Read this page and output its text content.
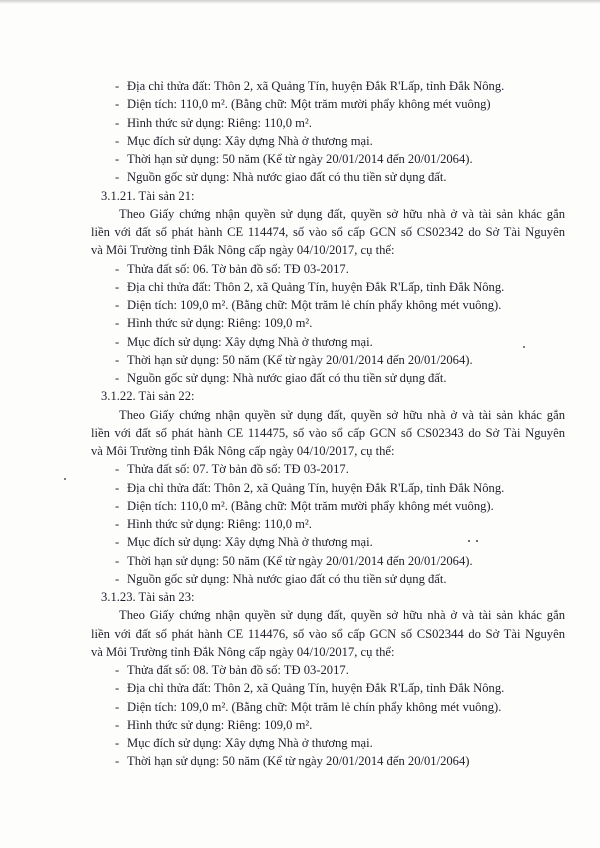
- Địa chỉ thửa đất: Thôn 2, xã Quảng Tín, huyện Đắk R'Lấp, tỉnh Đắk Nông.
- Diện tích: 110,0 m². (Bằng chữ: Một trăm mười phẩy không mét vuông)
- Hình thức sử dụng: Riêng: 110,0 m².
- Mục đích sử dụng: Xây dựng Nhà ở thương mại.
- Thời hạn sử dụng: 50 năm (Kể từ ngày 20/01/2014 đến 20/01/2064).
- Nguồn gốc sử dụng: Nhà nước giao đất có thu tiền sử dụng đất.
3.1.21. Tài sản 21:
Theo Giấy chứng nhận quyền sử dụng đất, quyền sở hữu nhà ở và tài sản khác gắn
liền với đất số phát hành CE 114474, số vào sổ cấp GCN số CS02342 do Sở Tài Nguyên
và Môi Trường tỉnh Đắk Nông cấp ngày 04/10/2017, cụ thể:
- Thửa đất số: 06. Tờ bản đồ số: TĐ 03-2017.
- Địa chỉ thửa đất: Thôn 2, xã Quảng Tín, huyện Đắk R'Lấp, tỉnh Đắk Nông.
- Diện tích: 109,0 m². (Bằng chữ: Một trăm lẻ chín phẩy không mét vuông).
- Hình thức sử dụng: Riêng: 109,0 m².
- Mục đích sử dụng: Xây dựng Nhà ở thương mại.
- Thời hạn sử dụng: 50 năm (Kể từ ngày 20/01/2014 đến 20/01/2064).
- Nguồn gốc sử dụng: Nhà nước giao đất có thu tiền sử dụng đất.
3.1.22. Tài sản 22:
Theo Giấy chứng nhận quyền sử dụng đất, quyền sở hữu nhà ở và tài sản khác gắn
liền với đất số phát hành CE 114475, số vào sổ cấp GCN số CS02343 do Sở Tài Nguyên
và Môi Trường tỉnh Đắk Nông cấp ngày 04/10/2017, cụ thể:
- Thửa đất số: 07. Tờ bản đồ số: TĐ 03-2017.
- Địa chỉ thửa đất: Thôn 2, xã Quảng Tín, huyện Đắk R'Lấp, tỉnh Đắk Nông.
- Diện tích: 110,0 m². (Bằng chữ: Một trăm mười phẩy không mét vuông).
- Hình thức sử dụng: Riêng: 110,0 m².
- Mục đích sử dụng: Xây dựng Nhà ở thương mại.
- Thời hạn sử dụng: 50 năm (Kể từ ngày 20/01/2014 đến 20/01/2064).
- Nguồn gốc sử dụng: Nhà nước giao đất có thu tiền sử dụng đất.
3.1.23. Tài sản 23:
Theo Giấy chứng nhận quyền sử dụng đất, quyền sở hữu nhà ở và tài sản khác gắn
liền với đất số phát hành CE 114476, số vào sổ cấp GCN số CS02344 do Sở Tài Nguyên
và Môi Trường tỉnh Đắk Nông cấp ngày 04/10/2017, cụ thể:
- Thửa đất số: 08. Tờ bản đồ số: TĐ 03-2017.
- Địa chỉ thửa đất: Thôn 2, xã Quảng Tín, huyện Đắk R'Lấp, tỉnh Đắk Nông.
- Diện tích: 109,0 m². (Bằng chữ: Một trăm lẻ chín phẩy không mét vuông).
- Hình thức sử dụng: Riêng: 109,0 m².
- Mục đích sử dụng: Xây dựng Nhà ở thương mại.
- Thời hạn sử dụng: 50 năm (Kể từ ngày 20/01/2014 đến 20/01/2064)
